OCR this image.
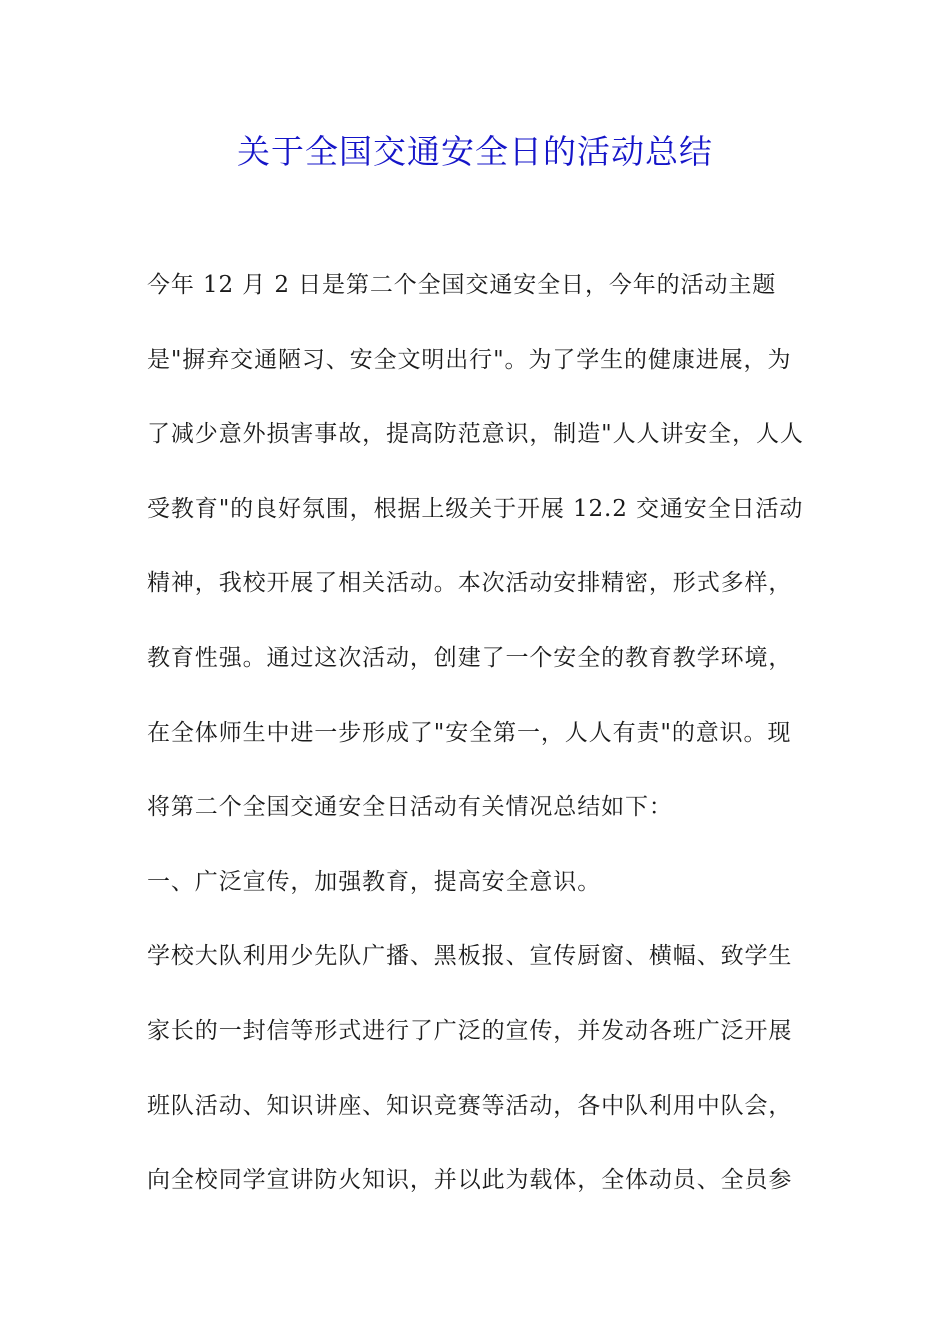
关于全国交通安全日的活动总结
今年 12 月 2 日是第二个全国交通安全日，今年的活动主题
是"摒弃交通陋习、安全文明出行"。为了学生的健康进展，为
了减少意外损害事故，提高防范意识，制造"人人讲安全，人人
受教育"的良好氛围，根据上级关于开展 12.2 交通安全日活动
精神，我校开展了相关活动。本次活动安排精密，形式多样，
教育性强。通过这次活动，创建了一个安全的教育教学环境，
在全体师生中进一步形成了"安全第一，人人有责"的意识。现
将第二个全国交通安全日活动有关情况总结如下：
一、广泛宣传，加强教育，提高安全意识。
学校大队利用少先队广播、黑板报、宣传厨窗、横幅、致学生
家长的一封信等形式进行了广泛的宣传，并发动各班广泛开展
班队活动、知识讲座、知识竞赛等活动，各中队利用中队会，
向全校同学宣讲防火知识，并以此为载体，全体动员、全员参
